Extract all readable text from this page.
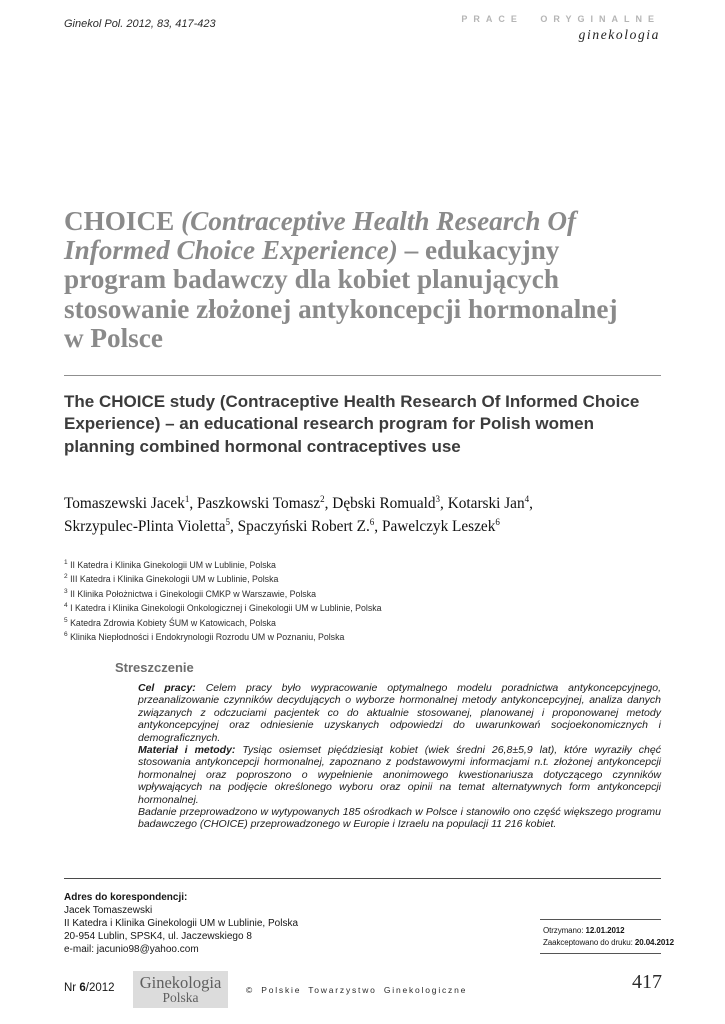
Ginekol Pol. 2012, 83, 417-423	PRACE ORYGINALNE
ginekologia
CHOICE (Contraceptive Health Research Of Informed Choice Experience) – edukacyjny program badawczy dla kobiet planujących stosowanie złożonej antykoncepcji hormonalnej w Polsce
The CHOICE study (Contraceptive Health Research Of Informed Choice Experience) – an educational research program for Polish women planning combined hormonal contraceptives use
Tomaszewski Jacek$^1$, Paszkowski Tomasz$^2$, Dębski Romuald$^3$, Kotarski Jan$^4$,
Skrzypulec-Plinta Violetta$^5$, Spaczyński Robert Z.$^6$, Pawelczyk Leszek$^6$
$^1$ II Katedra i Klinika Ginekologii UM w Lublinie, Polska
$^2$ III Katedra i Klinika Ginekologii UM w Lublinie, Polska
$^3$ II Klinika Położnictwa i Ginekologii CMKP w Warszawie, Polska
$^4$ I Katedra i Klinika Ginekologii Onkologicznej i Ginekologii UM w Lublinie, Polska
$^5$ Katedra Zdrowia Kobiety ŚUM w Katowicach, Polska
$^6$ Klinika Niepłodności i Endokrynologii Rozrodu UM w Poznaniu, Polska
Streszczenie

Cel pracy: Celem pracy było wypracowanie optymalnego modelu poradnictwa antykoncepcyjnego, przeanalizowanie czynników decydujących o wyborze hormonalnej metody antykoncepcyjnej, analiza danych związanych z odczuciami pacjentek co do aktualnie stosowanej, planowanej i proponowanej metody antykoncepcyjnej oraz odniesienie uzyskanych odpowiedzi do uwarunkowań socjoekonomicznych i demograficznych.

Materiał i metody: Tysiąc osiemset pięćdziesiąt kobiet (wiek średni 26,8±5,9 lat), które wyraziły chęć stosowania antykoncepcji hormonalnej, zapoznano z podstawowymi informacjami n.t. złożonej antykoncepcji hormonalnej oraz poproszono o wypełnienie anonimowego kwestionariusza dotyczącego czynników wpływających na podjęcie określonego wyboru oraz opinii na temat alternatywnych form antykoncepcji hormonalnej.

Badanie przeprowadzono w wytypowanych 185 ośrodkach w Polsce i stanowiło ono część większego programu badawczego (CHOICE) przeprowadzonego w Europie i Izraelu na populacji 11 216 kobiet.

Adres do korespondencji:
Jacek Tomaszewski
II Katedra i Klinika Ginekologii UM w Lublinie, Polska
20-954 Lublin, SPSK4, ul. Jaczewskiego 8
e-mail: jacunio98@yahoo.com
Otrzymano: 12.01.2012
Zaakceptowano do druku: 20.04.2012
Nr 6/2012	Ginekologia
Polska	© Polskie Towarzystwo Ginekologiczne	417
